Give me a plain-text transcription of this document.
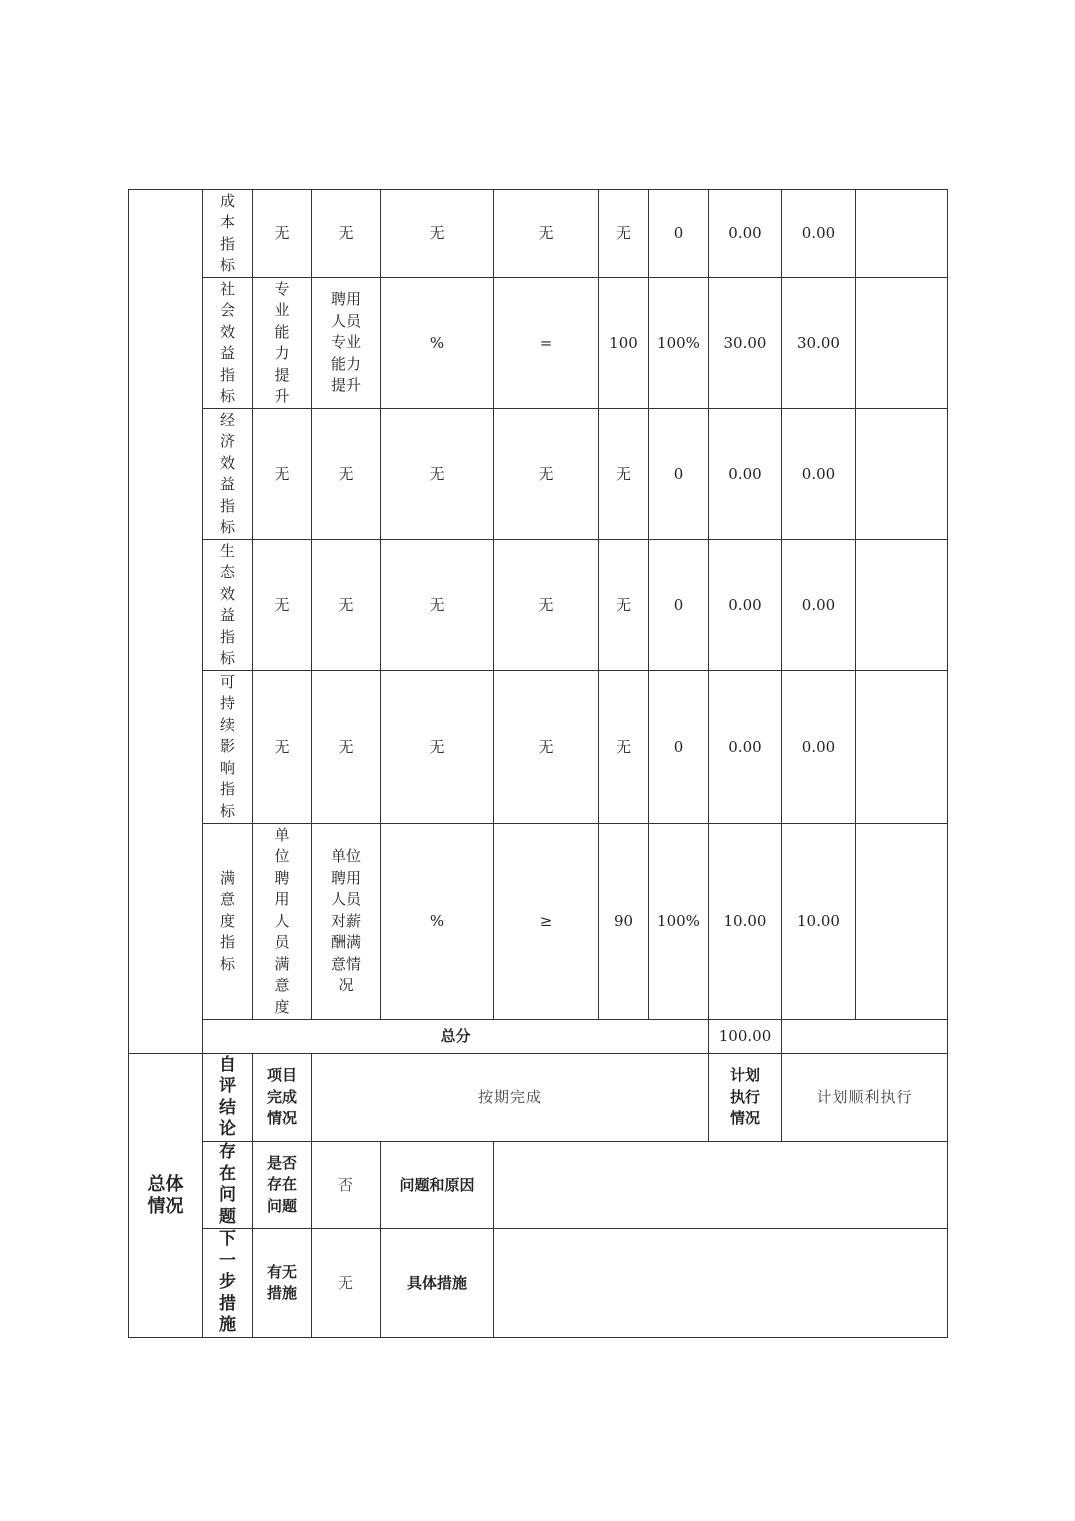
	成本指标	无	无	无	无	无	0	0.00	0.00	

	社会效益指标	专业能力提升	聘用人员专业能力提升	%	=	100	100%	30.00	30.00	

	经济效益指标	无	无	无	无	无	0	0.00	0.00	

	生态效益指标	无	无	无	无	无	0	0.00	0.00	

	可持续影响指标	无	无	无	无	无	0	0.00	0.00	

	满意度指标	单位聘用人员满意度	单位聘用人员对薪酬满意情况	%	≥	90	100%	10.00	10.00	
	总分							100.00		

总体情况	自评结论	项目完成情况	按期完成					计划执行情况	计划顺利执行	

	存在问题	是否存在问题	否	问题和原因						

	下一步措施	有无措施	无	具体措施						
